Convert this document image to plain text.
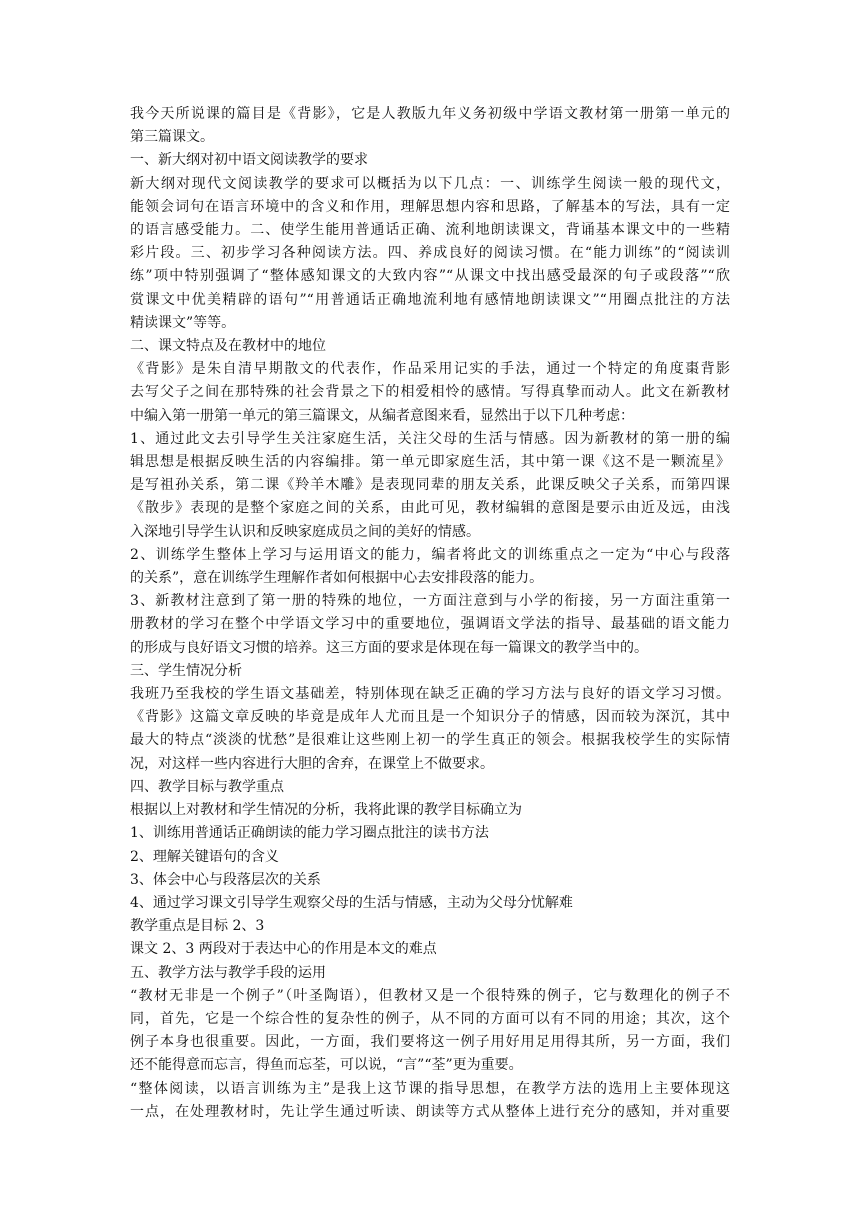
我今天所说课的篇目是《背影》，它是人教版九年义务初级中学语文教材第一册第一单元的
第三篇课文。
一、新大纲对初中语文阅读教学的要求
新大纲对现代文阅读教学的要求可以概括为以下几点：一、训练学生阅读一般的现代文，
能领会词句在语言环境中的含义和作用，理解思想内容和思路，了解基本的写法，具有一定
的语言感受能力。二、使学生能用普通话正确、流利地朗读课文，背诵基本课文中的一些精
彩片段。三、初步学习各种阅读方法。四、养成良好的阅读习惯。在“能力训练”的“阅读训
练”项中特别强调了“整体感知课文的大致内容”“从课文中找出感受最深的句子或段落”“欣
赏课文中优美精辟的语句”“用普通话正确地流利地有感情地朗读课文”“用圈点批注的方法
精读课文”等等。
二、课文特点及在教材中的地位
《背影》是朱自清早期散文的代表作，作品采用记实的手法，通过一个特定的角度棗背影
去写父子之间在那特殊的社会背景之下的相爱相怜的感情。写得真挚而动人。此文在新教材
中编入第一册第一单元的第三篇课文，从编者意图来看，显然出于以下几种考虑：
1、通过此文去引导学生关注家庭生活，关注父母的生活与情感。因为新教材的第一册的编
辑思想是根据反映生活的内容编排。第一单元即家庭生活，其中第一课《这不是一颗流星》
是写祖孙关系，第二课《羚羊木雕》是表现同辈的朋友关系，此课反映父子关系，而第四课
《散步》表现的是整个家庭之间的关系，由此可见，教材编辑的意图是要示由近及远，由浅
入深地引导学生认识和反映家庭成员之间的美好的情感。
2、训练学生整体上学习与运用语文的能力，编者将此文的训练重点之一定为“中心与段落
的关系”，意在训练学生理解作者如何根据中心去安排段落的能力。
3、新教材注意到了第一册的特殊的地位，一方面注意到与小学的衔接，另一方面注重第一
册教材的学习在整个中学语文学习中的重要地位，强调语文学法的指导、最基础的语文能力
的形成与良好语文习惯的培养。这三方面的要求是体现在每一篇课文的教学当中的。
三、学生情况分析
我班乃至我校的学生语文基础差，特别体现在缺乏正确的学习方法与良好的语文学习习惯。
《背影》这篇文章反映的毕竟是成年人尤而且是一个知识分子的情感，因而较为深沉，其中
最大的特点“淡淡的忧愁”是很难让这些刚上初一的学生真正的领会。根据我校学生的实际情
况，对这样一些内容进行大胆的舍弃，在课堂上不做要求。
四、教学目标与教学重点
根据以上对教材和学生情况的分析，我将此课的教学目标确立为
1、训练用普通话正确朗读的能力学习圈点批注的读书方法
2、理解关键语句的含义
3、体会中心与段落层次的关系
4、通过学习课文引导学生观察父母的生活与情感，主动为父母分忧解难
教学重点是目标 2、3
课文 2、3 两段对于表达中心的作用是本文的难点
五、教学方法与教学手段的运用
“教材无非是一个例子”（叶圣陶语），但教材又是一个很特殊的例子，它与数理化的例子不
同，首先，它是一个综合性的复杂性的例子，从不同的方面可以有不同的用途；其次，这个
例子本身也很重要。因此，一方面，我们要将这一例子用好用足用得其所，另一方面，我们
还不能得意而忘言，得鱼而忘荃，可以说，“言”“荃”更为重要。
“整体阅读，以语言训练为主”是我上这节课的指导思想，在教学方法的选用上主要体现这
一点，在处理教材时，先让学生通过听读、朗读等方式从整体上进行充分的感知，并对重要
